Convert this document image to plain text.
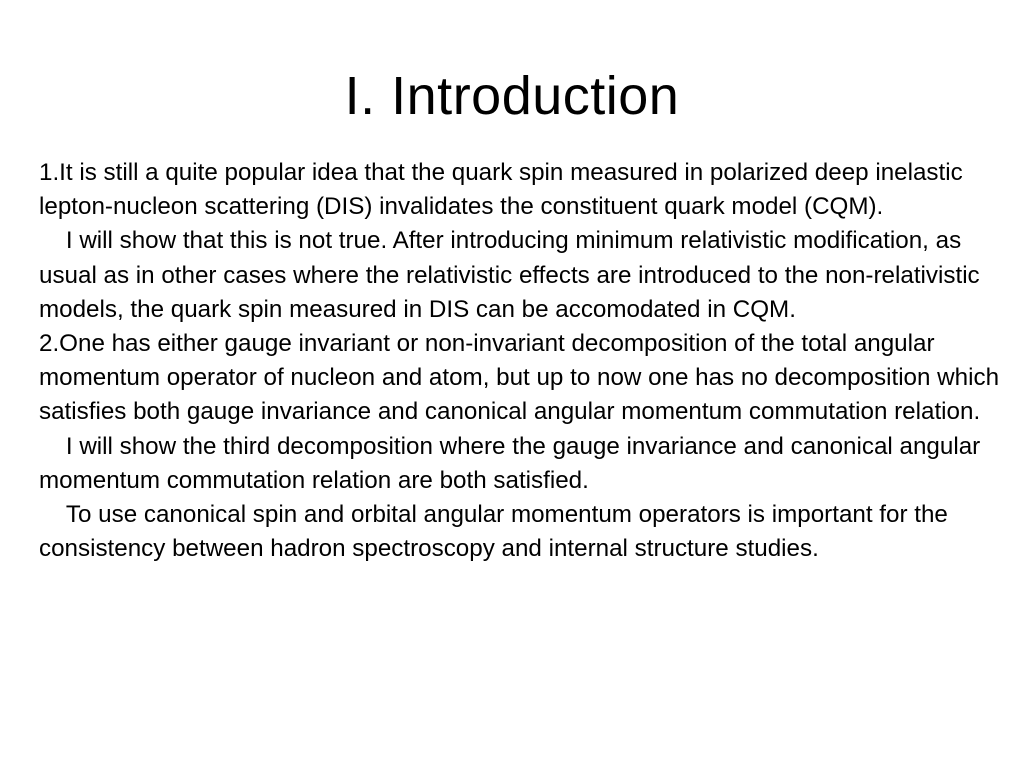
I. Introduction

1.It is still a quite popular idea that the quark spin measured in polarized deep inelastic lepton-nucleon scattering (DIS) invalidates the constituent quark model (CQM).

I will show that this is not true. After introducing minimum relativistic modification, as usual as in other cases where the relativistic effects are introduced to the non-relativistic models, the quark spin measured in DIS can be accomodated in CQM.

2.One has either gauge invariant or non-invariant decomposition of the total angular momentum operator of nucleon and atom, but up to now one has no decomposition which satisfies both gauge invariance and canonical angular momentum commutation relation.

I will show the third decomposition where the gauge invariance and canonical angular momentum commutation relation are both satisfied.

To use canonical spin and orbital angular momentum operators is important for the consistency between hadron spectroscopy and internal structure studies.
